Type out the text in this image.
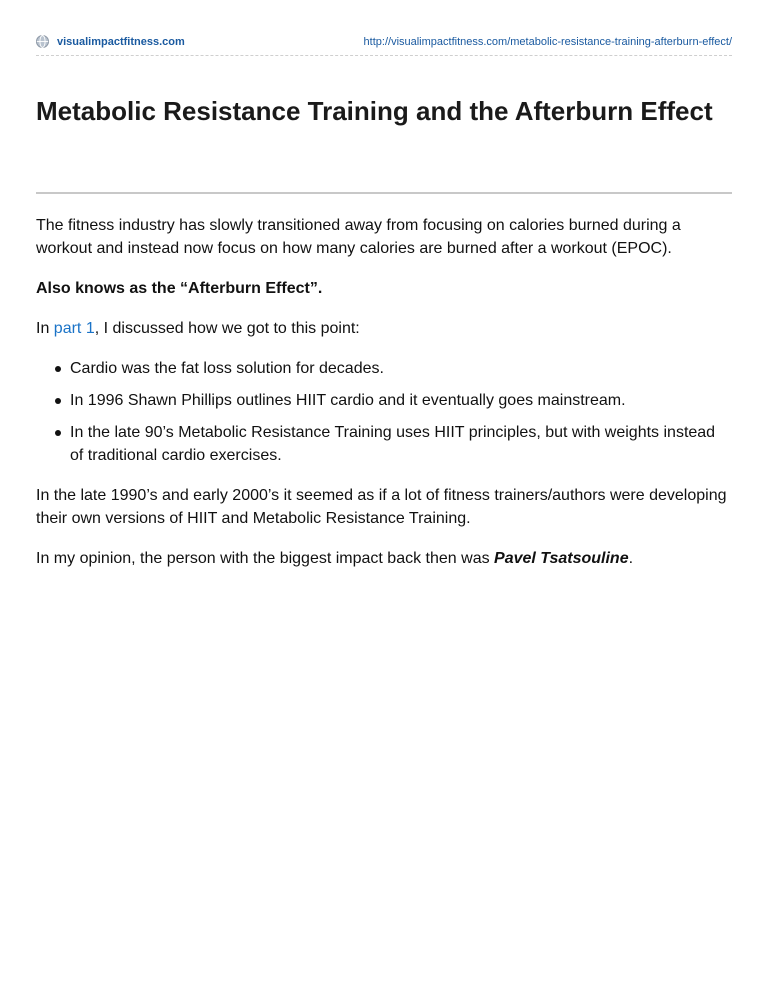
visualimpactfitness.com	http://visualimpactfitness.com/metabolic-resistance-training-afterburn-effect/
Metabolic Resistance Training and the Afterburn Effect

The fitness industry has slowly transitioned away from focusing on calories burned during a workout and instead now focus on how many calories are burned after a workout (EPOC).

Also knows as the “Afterburn Effect”.

In part 1, I discussed how we got to this point:

Cardio was the fat loss solution for decades.
In 1996 Shawn Phillips outlines HIIT cardio and it eventually goes mainstream.
In the late 90’s Metabolic Resistance Training uses HIIT principles, but with weights instead of traditional cardio exercises.

In the late 1990’s and early 2000’s it seemed as if a lot of fitness trainers/authors were developing their own versions of HIIT and Metabolic Resistance Training.

In my opinion, the person with the biggest impact back then was Pavel Tsatsouline.
